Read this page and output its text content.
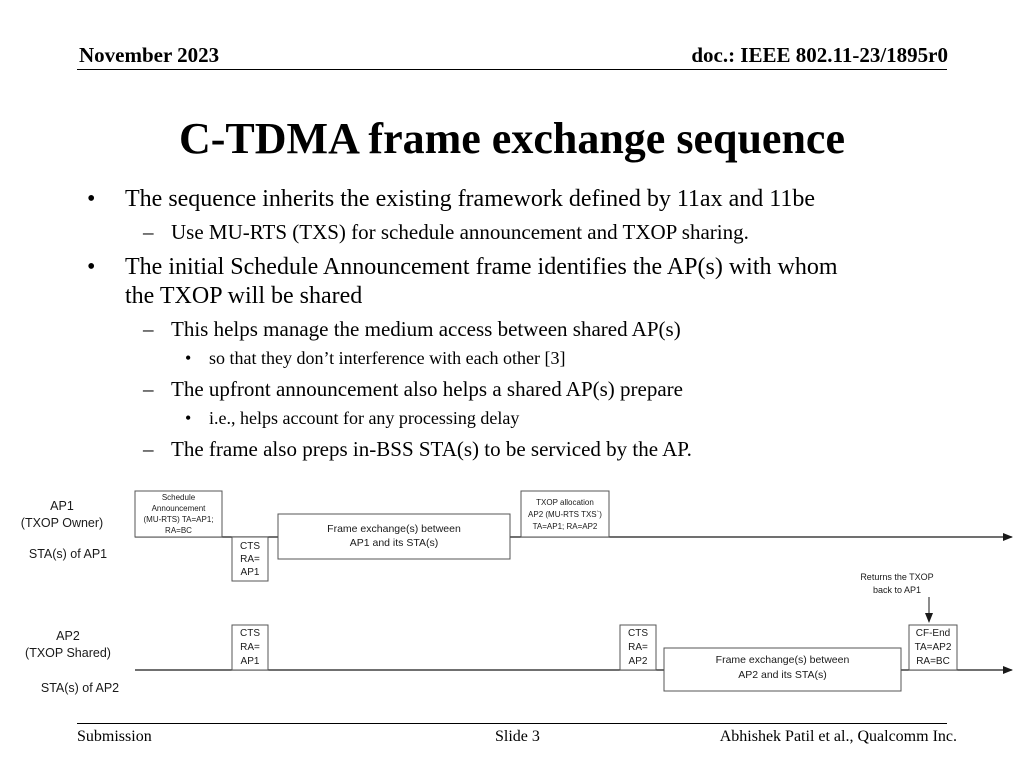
November 2023	doc.: IEEE 802.11-23/1895r0
C-TDMA frame exchange sequence
• The sequence inherits the existing framework defined by 11ax and 11be
– Use MU-RTS (TXS) for schedule announcement and TXOP sharing.
• The initial Schedule Announcement frame identifies the AP(s) with whom
the TXOP will be shared
– This helps manage the medium access between shared AP(s)
• so that they don’t interference with each other [3]
– The upfront announcement also helps a shared AP(s) prepare
• i.e., helps account for any processing delay
– The frame also preps in-BSS STA(s) to be serviced by the AP.
AP1
(TXOP Owner)
STA(s) of AP1
AP2
(TXOP Shared)
STA(s) of AP2
Schedule
Announcement
(MU-RTS) TA=AP1;
RA=BC
CTS
RA=
AP1
Frame exchange(s) between
AP1 and its STA(s)
TXOP allocation
AP2 (MU-RTS TXS`)
TA=AP1; RA=AP2
Returns the TXOP
back to AP1
CTS
RA=
AP1
CTS
RA=
AP2	Frame exchange(s) between
AP2 and its STA(s)
CF-End
TA=AP2
RA=BC
Submission	Slide 3	Abhishek Patil et al., Qualcomm Inc.
